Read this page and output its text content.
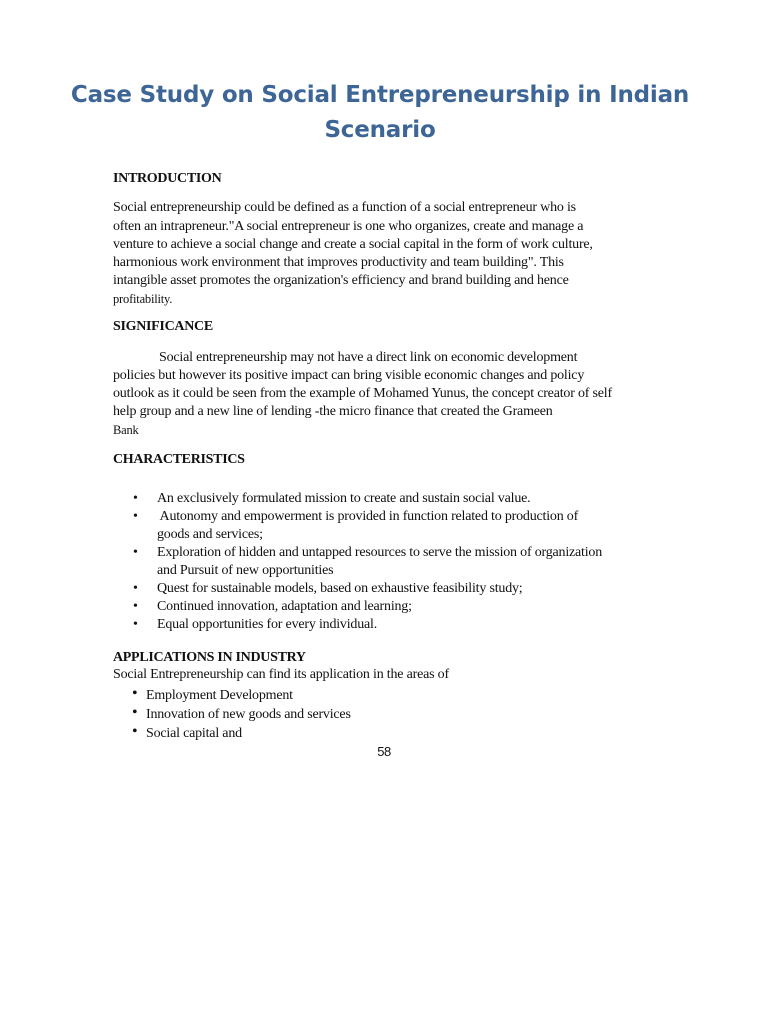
Case Study on Social Entrepreneurship in Indian
Scenario
INTRODUCTION
Social entrepreneurship could be defined as a function of a social entrepreneur who is
often an intrapreneur."A social entrepreneur is one who organizes, create and manage a
venture to achieve a social change and create a social capital in the form of work culture,
harmonious work environment that improves productivity and team building". This
intangible asset promotes the organization's efficiency and brand building and hence
profitability.
SIGNIFICANCE
Social entrepreneurship may not have a direct link on economic development
policies but however its positive impact can bring visible economic changes and policy
outlook as it could be seen from the example of Mohamed Yunus, the concept creator of self
help group and a new line of lending -the micro finance that created the Grameen
Bank
CHARACTERISTICS
• An exclusively formulated mission to create and sustain social value.
• Autonomy and empowerment is provided in function related to production of
goods and services;
• Exploration of hidden and untapped resources to serve the mission of organization
and Pursuit of new opportunities
• Quest for sustainable models, based on exhaustive feasibility study;
• Continued innovation, adaptation and learning;
• Equal opportunities for every individual.
APPLICATIONS IN INDUSTRY
Social Entrepreneurship can find its application in the areas of
• Employment Development
• Innovation of new goods and services
• Social capital and
58
